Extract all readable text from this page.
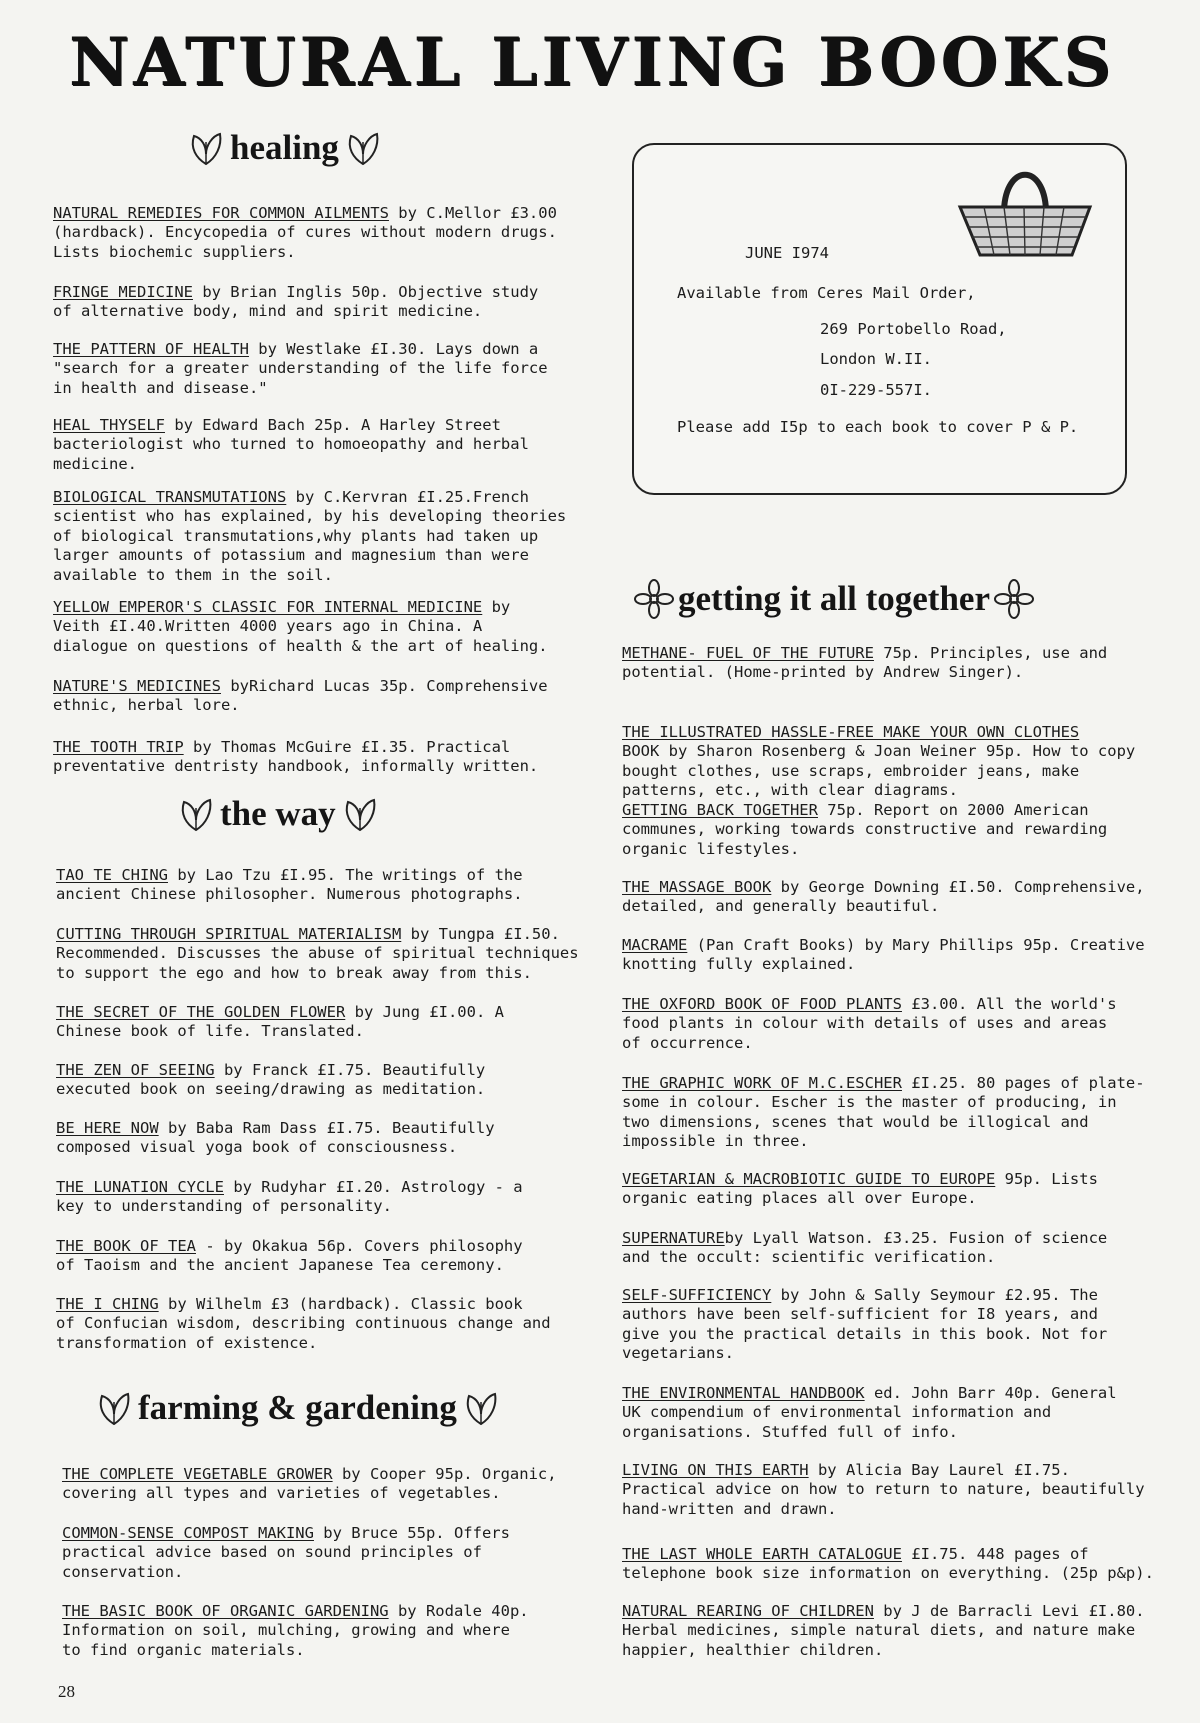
NATURAL LIVING BOOKS
healing
the way
farming & gardening
getting it all together
JUNE I974
Available from Ceres Mail Order,
269 Portobello Road,
London W.II.
0I-229-557I.
Please add I5p to each book to cover P & P.
28
NATURAL REMEDIES FOR COMMON AILMENTS by C.Mellor £3.00
(hardback). Encycopedia of cures without modern drugs.
Lists biochemic suppliers.
FRINGE MEDICINE by Brian Inglis 50p. Objective study
of alternative body, mind and spirit medicine.
THE PATTERN OF HEALTH by Westlake £I.30. Lays down a
"search for a greater understanding of the life force
in health and disease."
HEAL THYSELF by Edward Bach 25p. A Harley Street
bacteriologist who turned to homoeopathy and herbal
medicine.
BIOLOGICAL TRANSMUTATIONS by C.Kervran £I.25.French
scientist who has explained, by his developing theories
of biological transmutations,why plants had taken up
larger amounts of potassium and magnesium than were
available to them in the soil.
YELLOW EMPEROR'S CLASSIC FOR INTERNAL MEDICINE by
Veith £I.40.Written 4000 years ago in China. A
dialogue on questions of health & the art of healing.
NATURE'S MEDICINES byRichard Lucas 35p. Comprehensive
ethnic, herbal lore.
THE TOOTH TRIP by Thomas McGuire £I.35. Practical
preventative dentristy handbook, informally written.
TAO TE CHING by Lao Tzu £I.95. The writings of the
ancient Chinese philosopher. Numerous photographs.
CUTTING THROUGH SPIRITUAL MATERIALISM by Tungpa £I.50.
Recommended. Discusses the abuse of spiritual techniques
to support the ego and how to break away from this.
THE SECRET OF THE GOLDEN FLOWER by Jung £I.00. A
Chinese book of life. Translated.
THE ZEN OF SEEING by Franck £I.75. Beautifully
executed book on seeing/drawing as meditation.
BE HERE NOW by Baba Ram Dass £I.75. Beautifully
composed visual yoga book of consciousness.
THE LUNATION CYCLE by Rudyhar £I.20. Astrology - a
key to understanding of personality.
THE BOOK OF TEA - by Okakua 56p. Covers philosophy
of Taoism and the ancient Japanese Tea ceremony.
THE I CHING by Wilhelm £3 (hardback). Classic book
of Confucian wisdom, describing continuous change and
transformation of existence.
THE COMPLETE VEGETABLE GROWER by Cooper 95p. Organic,
covering all types and varieties of vegetables.
COMMON-SENSE COMPOST MAKING by Bruce 55p. Offers
practical advice based on sound principles of
conservation.
THE BASIC BOOK OF ORGANIC GARDENING by Rodale 40p.
Information on soil, mulching, growing and where
to find organic materials.
METHANE- FUEL OF THE FUTURE 75p. Principles, use and
potential. (Home-printed by Andrew Singer).
THE ILLUSTRATED HASSLE-FREE MAKE YOUR OWN CLOTHES
BOOK by Sharon Rosenberg & Joan Weiner 95p. How to copy
bought clothes, use scraps, embroider jeans, make
patterns, etc., with clear diagrams.
GETTING BACK TOGETHER 75p. Report on 2000 American
communes, working towards constructive and rewarding
organic lifestyles.
THE MASSAGE BOOK by George Downing £I.50. Comprehensive,
detailed, and generally beautiful.
MACRAME (Pan Craft Books) by Mary Phillips 95p. Creative
knotting fully explained.
THE OXFORD BOOK OF FOOD PLANTS £3.00. All the world's
food plants in colour with details of uses and areas
of occurrence.
THE GRAPHIC WORK OF M.C.ESCHER £I.25. 80 pages of plate-
some in colour. Escher is the master of producing, in
two dimensions, scenes that would be illogical and
impossible in three.
VEGETARIAN & MACROBIOTIC GUIDE TO EUROPE 95p. Lists
organic eating places all over Europe.
SUPERNATUREby Lyall Watson. £3.25. Fusion of science
and the occult: scientific verification.
SELF-SUFFICIENCY by John & Sally Seymour £2.95. The
authors have been self-sufficient for I8 years, and
give you the practical details in this book. Not for
vegetarians.
THE ENVIRONMENTAL HANDBOOK ed. John Barr 40p. General
UK compendium of environmental information and
organisations. Stuffed full of info.
LIVING ON THIS EARTH by Alicia Bay Laurel £I.75.
Practical advice on how to return to nature, beautifully
hand-written and drawn.
THE LAST WHOLE EARTH CATALOGUE £I.75. 448 pages of
telephone book size information on everything. (25p p&p).
NATURAL REARING OF CHILDREN by J de Barracli Levi £I.80.
Herbal medicines, simple natural diets, and nature make
happier, healthier children.
